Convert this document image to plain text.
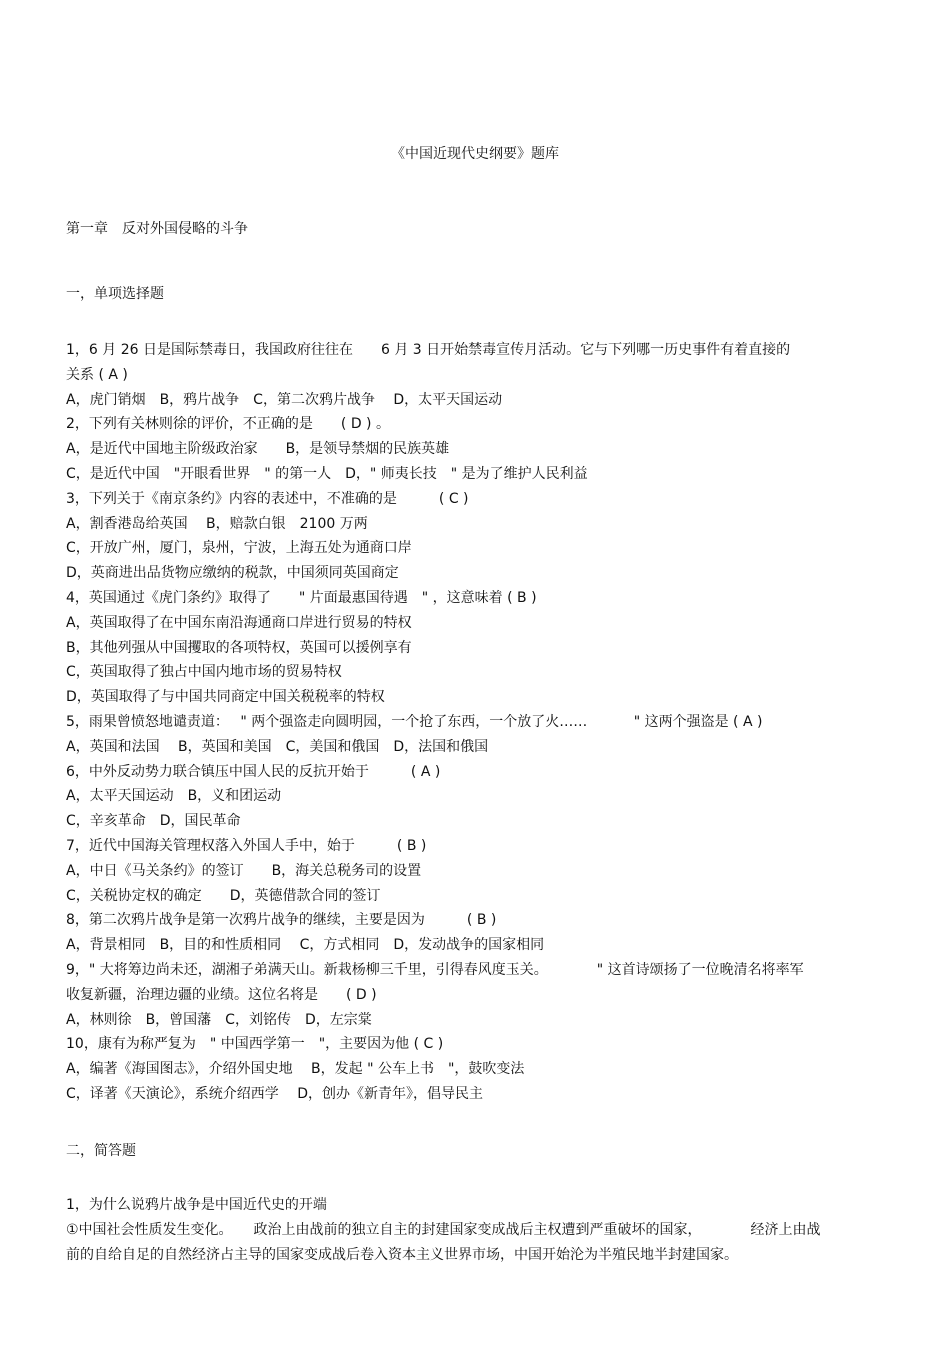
《中国近现代史纲要》题库
第一章　反对外国侵略的斗争
一，单项选择题
1，6 月 26 日是国际禁毒日，我国政府往往在　　6 月 3 日开始禁毒宣传月活动。它与下列哪一历史事件有着直接的
关系 ( A )
A，虎门销烟　B，鸦片战争　C，第二次鸦片战争　 D，太平天国运动
2，下列有关林则徐的评价，不正确的是　　( D ) 。
A，是近代中国地主阶级政治家　　B，是领导禁烟的民族英雄
C，是近代中国　"开眼看世界　" 的第一人　D，" 师夷长技　" 是为了维护人民利益
3，下列关于《南京条约》内容的表述中，不准确的是　　　( C )
A，割香港岛给英国　 B，赔款白银　2100 万两
C，开放广州，厦门，泉州，宁波，上海五处为通商口岸
D，英商进出品货物应缴纳的税款，中国须同英国商定
4，英国通过《虎门条约》取得了　　" 片面最惠国待遇　" ，这意味着 ( B )
A，英国取得了在中国东南沿海通商口岸进行贸易的特权
B，其他列强从中国攫取的各项特权，英国可以援例享有
C，英国取得了独占中国内地市场的贸易特权
D，英国取得了与中国共同商定中国关税税率的特权
5，雨果曾愤怒地谴责道：　 " 两个强盗走向圆明园，一个抢了东西，一个放了火……　　　 " 这两个强盗是 ( A )
A，英国和法国　 B，英国和美国　C，美国和俄国　D，法国和俄国
6，中外反动势力联合镇压中国人民的反抗开始于　　　( A )
A，太平天国运动　B，义和团运动
C，辛亥革命　D，国民革命
7，近代中国海关管理权落入外国人手中，始于　　　( B )
A，中日《马关条约》的签订　　B，海关总税务司的设置
C，关税协定权的确定　　D，英德借款合同的签订
8，第二次鸦片战争是第一次鸦片战争的继续，主要是因为　　　( B )
A，背景相同　B，目的和性质相同　 C，方式相同　D，发动战争的国家相同
9，" 大将筹边尚未还，湖湘子弟满天山。新栽杨柳三千里，引得春风度玉关。　　　　" 这首诗颂扬了一位晚清名将率军
收复新疆，治理边疆的业绩。这位名将是　　( D )
A，林则徐　B，曾国藩　C，刘铭传　D，左宗棠
10，康有为称严复为　" 中国西学第一　"，主要因为他 ( C )
A，编著《海国图志》，介绍外国史地　 B，发起 " 公车上书　"，鼓吹变法
C，译著《天演论》，系统介绍西学　 D，创办《新青年》，倡导民主
二，简答题
1，为什么说鸦片战争是中国近代史的开端
①中国社会性质发生变化。　　政治上由战前的独立自主的封建国家变成战后主权遭到严重破坏的国家，　　　　经济上由战
前的自给自足的自然经济占主导的国家变成战后卷入资本主义世界市场，中国开始沦为半殖民地半封建国家。
